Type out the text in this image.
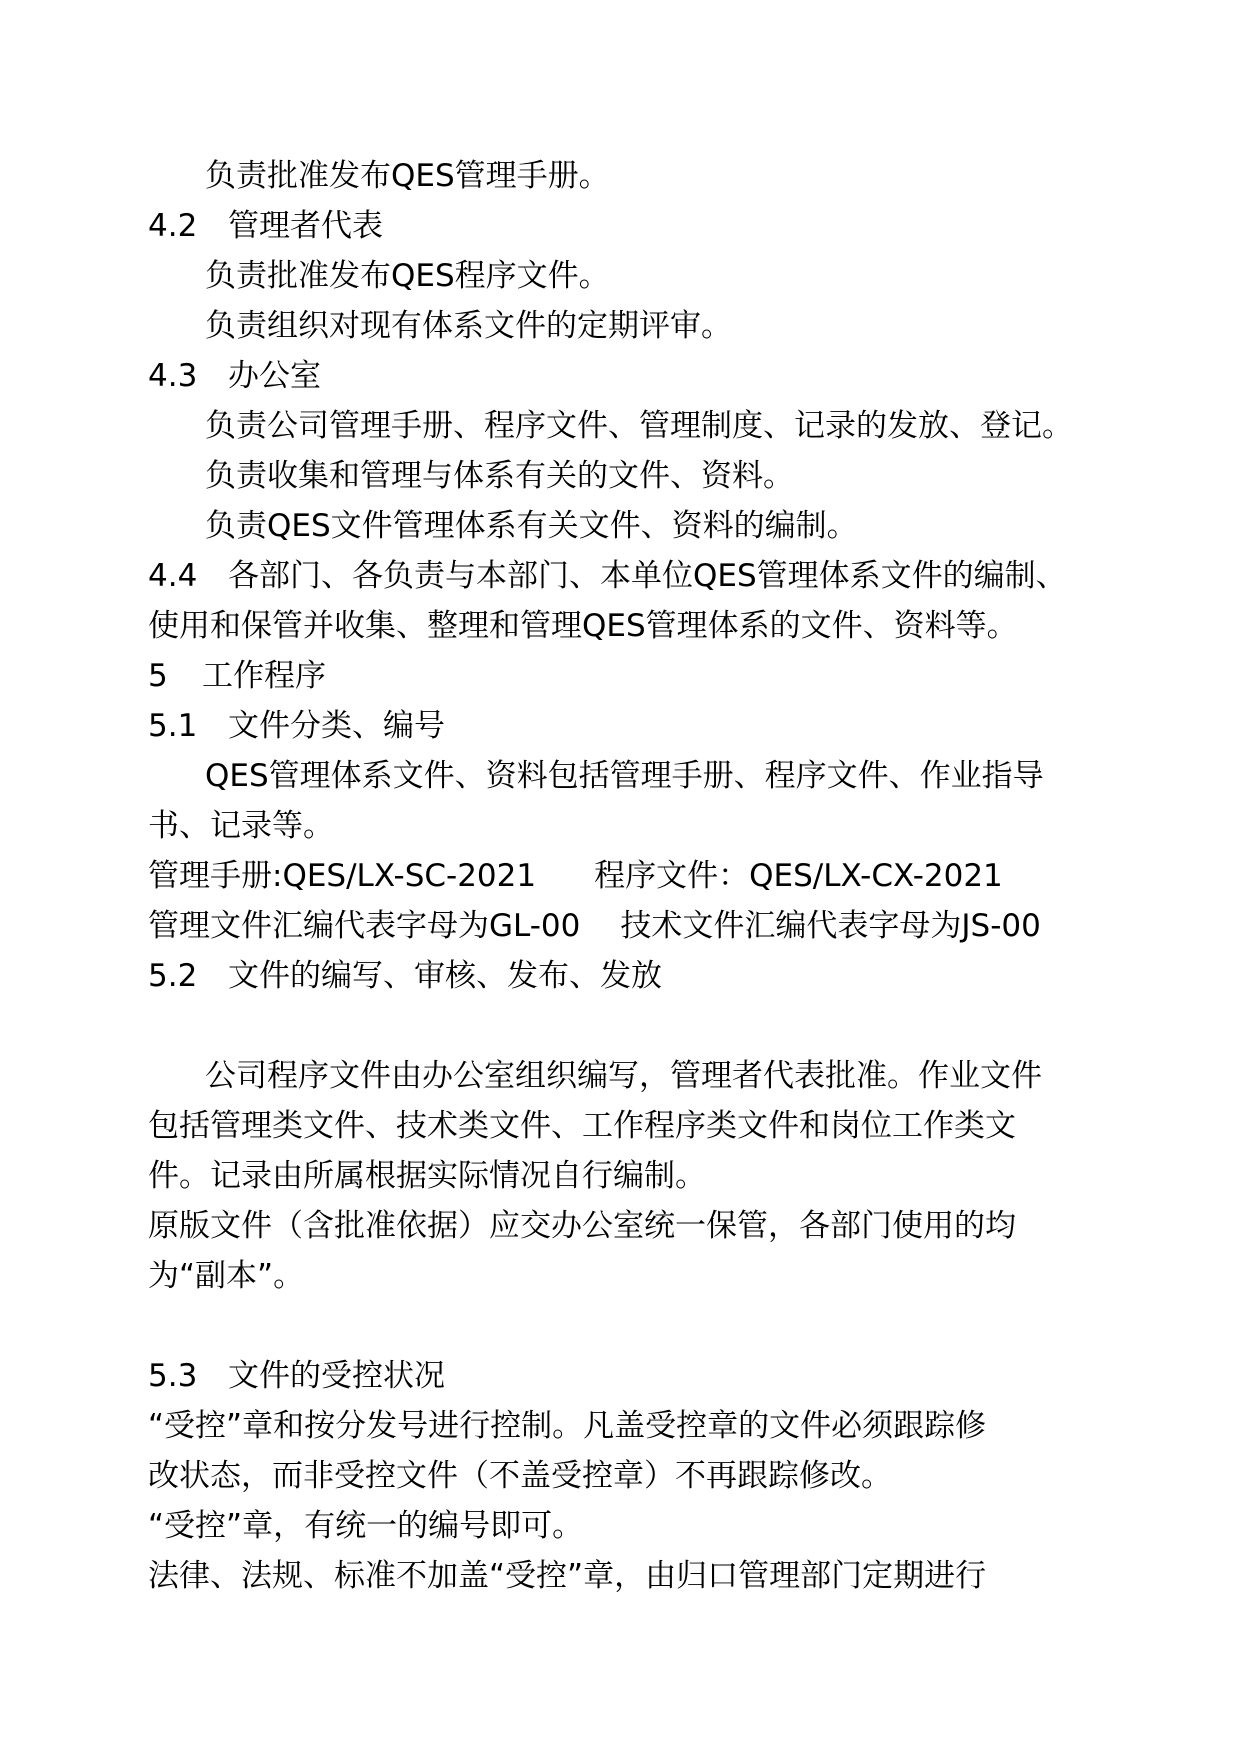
负责批准发布QES管理手册。
4.2 管理者代表
负责批准发布QES程序文件。
负责组织对现有体系文件的定期评审。
4.3 办公室
负责公司管理手册、程序文件、管理制度、记录的发放、登记。
负责收集和管理与体系有关的文件、资料。
负责QES文件管理体系有关文件、资料的编制。
4.4 各部门、各负责与本部门、本单位QES管理体系文件的编制、
使用和保管并收集、整理和管理QES管理体系的文件、资料等。
5 工作程序
5.1 文件分类、编号
QES管理体系文件、资料包括管理手册、程序文件、作业指导
书、记录等。
管理手册:QES/LX-SC-2021 程序文件：QES/LX-CX-2021
管理文件汇编代表字母为GL-00 技术文件汇编代表字母为JS-00
5.2 文件的编写、审核、发布、发放
公司程序文件由办公室组织编写，管理者代表批准。作业文件
包括管理类文件、技术类文件、工作程序类文件和岗位工作类文
件。记录由所属根据实际情况自行编制。
原版文件（含批准依据）应交办公室统一保管，各部门使用的均
为“副本”。
5.3 文件的受控状况
“受控”章和按分发号进行控制。凡盖受控章的文件必须跟踪修
改状态，而非受控文件（不盖受控章）不再跟踪修改。
“受控”章，有统一的编号即可。
法律、法规、标准不加盖“受控”章，由归口管理部门定期进行
